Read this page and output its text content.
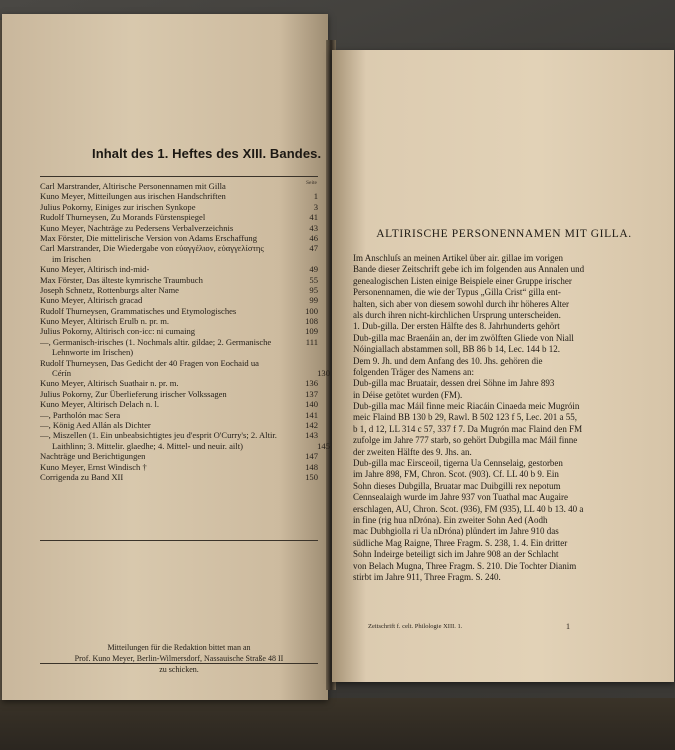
Inhalt des 1. Heftes des XIII. Bandes.
Seite
Carl Marstrander, Altirische Personennamen mit Gilla
Kuno Meyer, Mitteilungen aus irischen Handschriften	1
Julius Pokorny, Einiges zur irischen Synkope	3
Rudolf Thurneysen, Zu Morands Fürstenspiegel	41
Kuno Meyer, Nachträge zu Pedersens Verbalverzeichnis	43
Max Förster, Die mittelirische Version von Adams Erschaffung	46
Carl Marstrander, Die Wiedergabe von εὐαγγέλιον, εὐαγγελίστης	47
im Irischen
Kuno Meyer, Altirisch ind-mid-	49
Max Förster, Das älteste kymrische Traumbuch	55
Joseph Schnetz, Rottenburgs alter Name	95
Kuno Meyer, Altirisch gracad	99
Rudolf Thurneysen, Grammatisches und Etymologisches	100
Kuno Meyer, Altirisch Erulb n. pr. m.	108
Julius Pokorny, Altirisch con-icc: ni cumaing	109
—, Germanisch-irisches (1. Nochmals altir. gildae; 2. Germanische	111
Lehnworte im Irischen)
Rudolf Thurneysen, Das Gedicht der 40 Fragen von Eochaid ua
Cérín	130
Kuno Meyer, Altirisch Suathair n. pr. m.	136
Julius Pokorny, Zur Überlieferung irischer Volkssagen	137
Kuno Meyer, Altirisch Delach n. l.	140
—, Partholón mac Sera	141
—, König Aed Allán als Dichter	142
—, Miszellen (1. Ein unbeabsichtigtes jeu d'esprit O'Curry's; 2. Altir.	143
Laithlinn; 3. Mittelir. glaedhe; 4. Mittel- und neuir. ailt)	145
Nachträge und Berichtigungen	147
Kuno Meyer, Ernst Windisch †	148
Corrigenda zu Band XII	150
Mitteilungen für die Redaktion bittet man an
Prof. Kuno Meyer, Berlin-Wilmersdorf, Nassauische Straße 48 II
zu schicken.
ALTIRISCHE PERSONENNAMEN MIT GILLA.
Im Anschluſs an meinen Artikel über air. gillae im vorigen
Bande dieser Zeitschrift gebe ich im folgenden aus Annalen und
genealogischen Listen einige Beispiele einer Gruppe irischer
Personennamen, die wie der Typus „Gilla Crist“ gilla ent-
halten, sich aber von diesem sowohl durch ihr höheres Alter
als durch ihren nicht-kirchlichen Ursprung unterscheiden.
1. Dub-gilla. Der ersten Hälfte des 8. Jahrhunderts gehört
Dub-gilla mac Braenáin an, der im zwölften Gliede von Niall
Nóingiallach abstammen soll, BB 86 b 14, Lec. 144 b 12.
Dem 9. Jh. und dem Anfang des 10. Jhs. gehören die
folgenden Träger des Namens an:
Dub-gilla mac Bruatair, dessen drei Söhne im Jahre 893
in Déise getötet wurden (FM).
Dub-gilla mac Máil finne meic Riacáin Cinaeda meic Mugróin
meic Flaind BB 130 b 29, Rawl. B 502 123 f 5, Lec. 201 a 55,
b 1, d 12, LL 314 c 57, 337 f 7. Da Mugrón mac Flaind den FM
zufolge im Jahre 777 starb, so gehört Dubgilla mac Máil finne
der zweiten Hälfte des 9. Jhs. an.
Dub-gilla mac Eirsceoil, tigerna Ua Cennselaig, gestorben
im Jahre 898, FM, Chron. Scot. (903). Cf. LL 40 b 9. Ein
Sohn dieses Dubgilla, Bruatar mac Duibgilli rex nepotum
Cennsealaigh wurde im Jahre 937 von Tuathal mac Augaire
erschlagen, AU, Chron. Scot. (936), FM (935), LL 40 b 13. 40 a
in fine (rig hua nDróna). Ein zweiter Sohn Aed (Aodh
mac Dubhgiolla ri Ua nDróna) plündert im Jahre 910 das
südliche Mag Raigne, Three Fragm. S. 238, 1. 4. Ein dritter
Sohn Indeirge beteiligt sich im Jahre 908 an der Schlacht
von Belach Mugna, Three Fragm. S. 210. Die Tochter Dianim
stirbt im Jahre 911, Three Fragm. S. 240.
Zeitschrift f. celt. Philologie XIII. 1.	1
